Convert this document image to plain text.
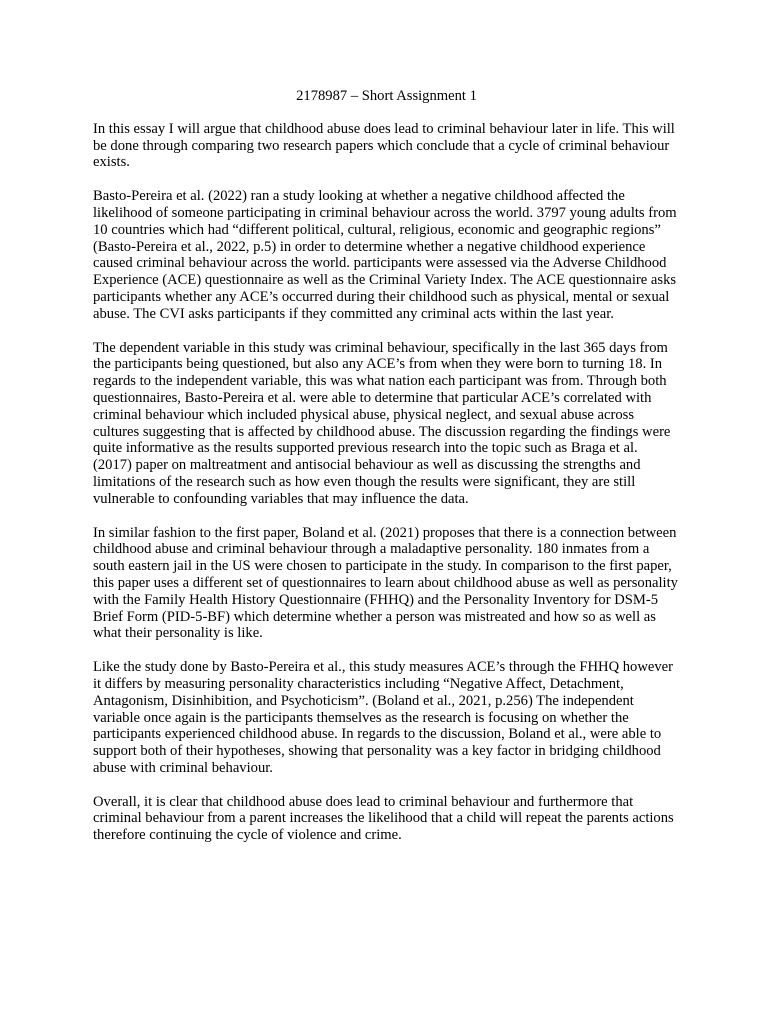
2178987 – Short Assignment 1

In this essay I will argue that childhood abuse does lead to criminal behaviour later in life. This will be done through comparing two research papers which conclude that a cycle of criminal behaviour exists.

Basto-Pereira et al. (2022) ran a study looking at whether a negative childhood affected the likelihood of someone participating in criminal behaviour across the world. 3797 young adults from 10 countries which had “different political, cultural, religious, economic and geographic regions” (Basto-Pereira et al., 2022, p.5) in order to determine whether a negative childhood experience caused criminal behaviour across the world. participants were assessed via the Adverse Childhood Experience (ACE) questionnaire as well as the Criminal Variety Index. The ACE questionnaire asks participants whether any ACE’s occurred during their childhood such as physical, mental or sexual abuse. The CVI asks participants if they committed any criminal acts within the last year.

The dependent variable in this study was criminal behaviour, specifically in the last 365 days from the participants being questioned, but also any ACE’s from when they were born to turning 18. In regards to the independent variable, this was what nation each participant was from. Through both questionnaires, Basto-Pereira et al. were able to determine that particular ACE’s correlated with criminal behaviour which included physical abuse, physical neglect, and sexual abuse across cultures suggesting that is affected by childhood abuse. The discussion regarding the findings were quite informative as the results supported previous research into the topic such as Braga et al. (2017) paper on maltreatment and antisocial behaviour as well as discussing the strengths and limitations of the research such as how even though the results were significant, they are still vulnerable to confounding variables that may influence the data.

In similar fashion to the first paper, Boland et al. (2021) proposes that there is a connection between childhood abuse and criminal behaviour through a maladaptive personality. 180 inmates from a south eastern jail in the US were chosen to participate in the study. In comparison to the first paper, this paper uses a different set of questionnaires to learn about childhood abuse as well as personality with the Family Health History Questionnaire (FHHQ) and the Personality Inventory for DSM-5 Brief Form (PID-5-BF) which determine whether a person was mistreated and how so as well as what their personality is like.

Like the study done by Basto-Pereira et al., this study measures ACE’s through the FHHQ however it differs by measuring personality characteristics including “Negative Affect, Detachment, Antagonism, Disinhibition, and Psychoticism”. (Boland et al., 2021, p.256) The independent variable once again is the participants themselves as the research is focusing on whether the participants experienced childhood abuse. In regards to the discussion, Boland et al., were able to support both of their hypotheses, showing that personality was a key factor in bridging childhood abuse with criminal behaviour.

Overall, it is clear that childhood abuse does lead to criminal behaviour and furthermore that criminal behaviour from a parent increases the likelihood that a child will repeat the parents actions therefore continuing the cycle of violence and crime.
